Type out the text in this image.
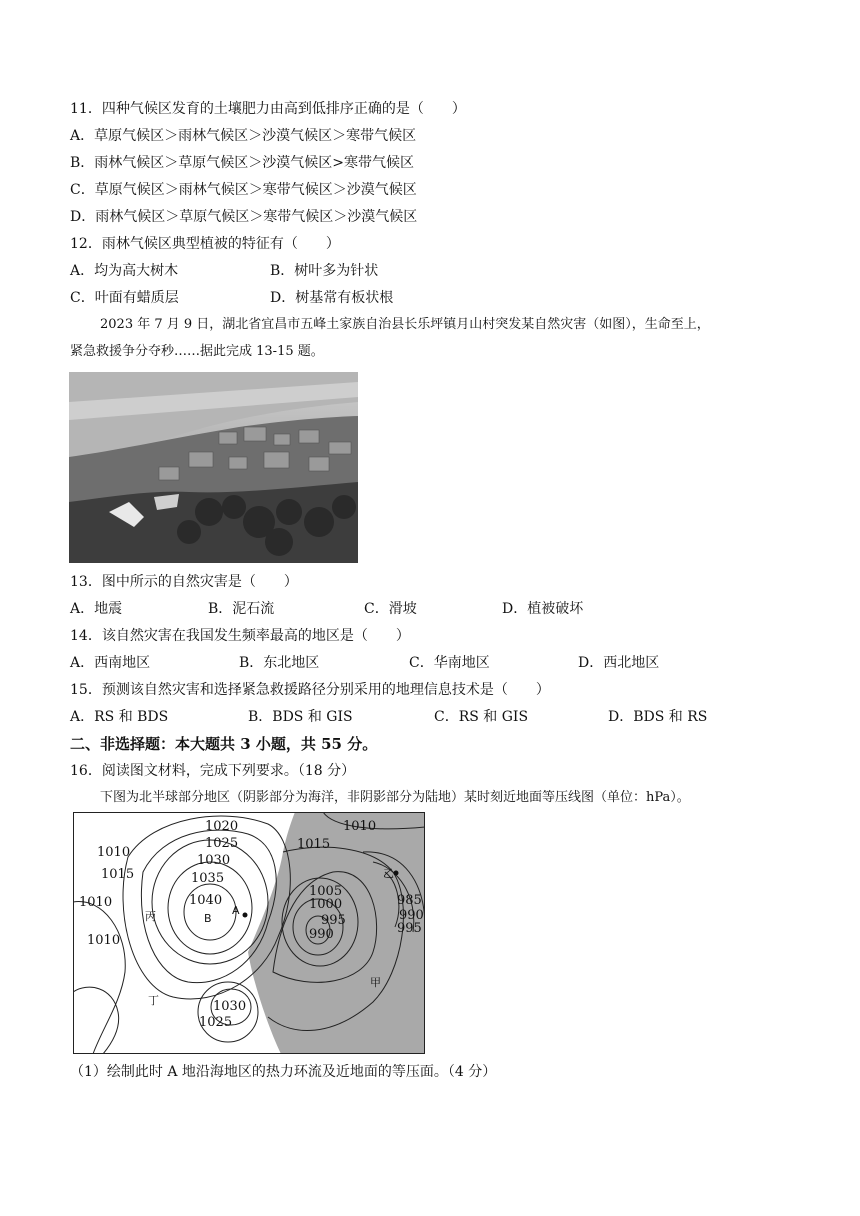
11．四种气候区发育的土壤肥力由高到低排序正确的是（　　）
A．草原气候区＞雨林气候区＞沙漠气候区＞寒带气候区
B．雨林气候区＞草原气候区＞沙漠气候区>寒带气候区
C．草原气候区＞雨林气候区＞寒带气候区＞沙漠气候区
D．雨林气候区＞草原气候区＞寒带气候区＞沙漠气候区
12．雨林气候区典型植被的特征有（　　）
A．均为高大树木	B．树叶多为针状
C．叶面有蜡质层	D．树基常有板状根
2023 年 7 月 9 日，湖北省宜昌市五峰土家族自治县长乐坪镇月山村突发某自然灾害（如图），生命至上，
紧急救援争分夺秒……据此完成 13-15 题。
13．图中所示的自然灾害是（　　）
A．地震	B．泥石流	C．滑坡	D．植被破坏
14．该自然灾害在我国发生频率最高的地区是（　　）
A．西南地区	B．东北地区	C．华南地区	D．西北地区
15．预测该自然灾害和选择紧急救援路径分别采用的地理信息技术是（　　）
A．RS 和 BDS	B．BDS 和 GIS	C．RS 和 GIS	D．BDS 和 RS
二、非选择题：本大题共 3 小题，共 55 分。
16．阅读图文材料，完成下列要求。（18 分）
下图为北半球部分地区（阴影部分为海洋，非阴影部分为陆地）某时刻近地面等压线图（单位：hPa）。
1020
1025
1030
1035
1040
1010
1015
1010
1010
1030
1025
1015
1010
1005
1000
995
990
985
990
995
A
B
丙
丁
甲
乙
（1）绘制此时 A 地沿海地区的热力环流及近地面的等压面。（4 分）
